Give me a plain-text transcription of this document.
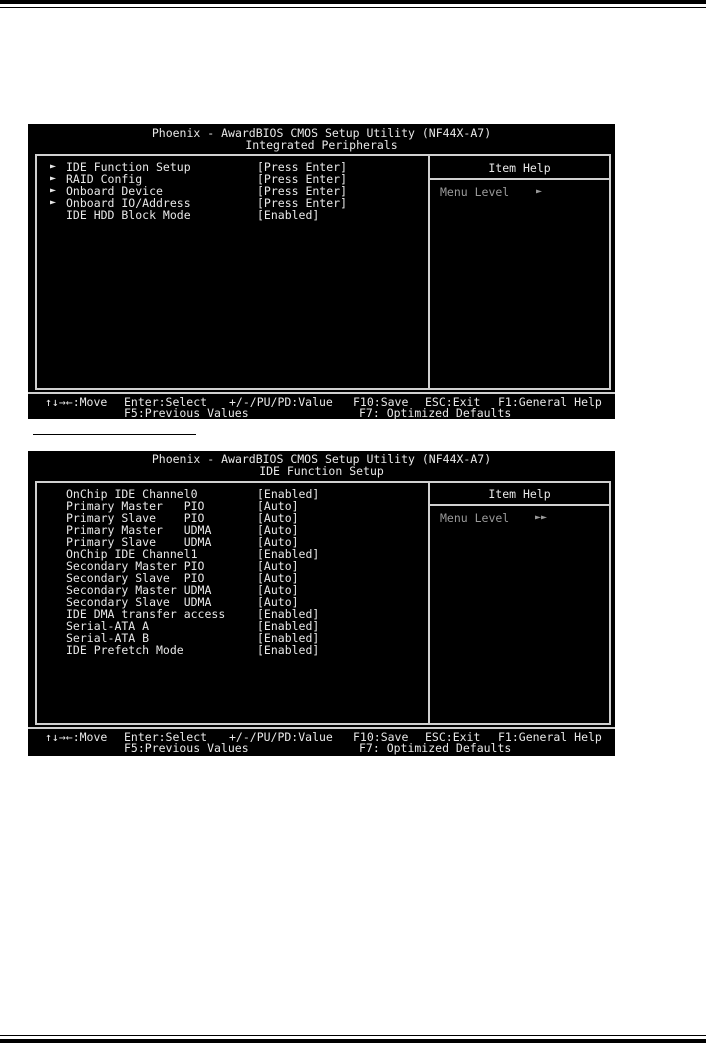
Phoenix - AwardBIOS CMOS Setup Utility (NF44X-A7)
Integrated Peripherals
Item Help
Menu Level	►
► IDE Function Setup	[Press Enter]
► RAID Config	[Press Enter]
► Onboard Device	[Press Enter]
► Onboard IO/Address	[Press Enter]
IDE HDD Block Mode	[Enabled]
↑↓→←:Move Enter:Select +/-/PU/PD:Value F10:Save ESC:Exit F1:General Help
F5:Previous Values	F7: Optimized Defaults
Phoenix - AwardBIOS CMOS Setup Utility (NF44X-A7)
IDE Function Setup
Item Help
Menu Level	►►
OnChip IDE Channel0	[Enabled]
Primary Master   PIO	[Auto]
Primary Slave    PIO	[Auto]
Primary Master   UDMA	[Auto]
Primary Slave    UDMA	[Auto]
OnChip IDE Channel1	[Enabled]
Secondary Master PIO	[Auto]
Secondary Slave  PIO	[Auto]
Secondary Master UDMA	[Auto]
Secondary Slave  UDMA	[Auto]
IDE DMA transfer access	[Enabled]
Serial-ATA A	[Enabled]
Serial-ATA B	[Enabled]
IDE Prefetch Mode	[Enabled]
↑↓→←:Move Enter:Select +/-/PU/PD:Value F10:Save ESC:Exit F1:General Help
F5:Previous Values	F7: Optimized Defaults
